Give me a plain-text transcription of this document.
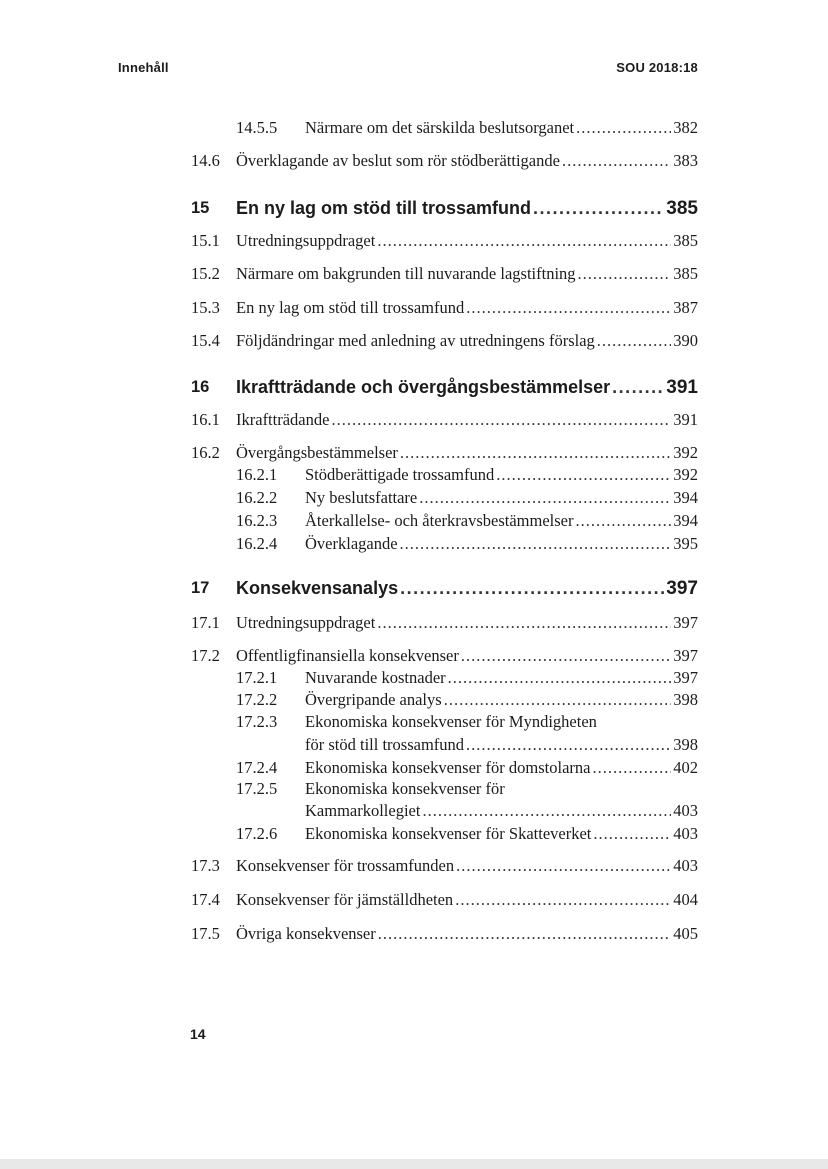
Innehåll	SOU 2018:18
14.5.5 Närmare om det särskilda beslutsorganet .....	382
14.6 Överklagande av beslut som rör stödberättigande .....	383
15 En ny lag om stöd till trossamfund .....	385
15.1 Utredningsuppdraget .....	385
15.2 Närmare om bakgrunden till nuvarande lagstiftning .....	385
15.3 En ny lag om stöd till trossamfund .....	387
15.4 Följdändringar med anledning av utredningens förslag .....	390
16 Ikraftträdande och övergångsbestämmelser .....	391
16.1 Ikraftträdande .....	391
16.2 Övergångsbestämmelser .....	392
16.2.1 Stödberättigade trossamfund .....	392
16.2.2 Ny beslutsfattare .....	394
16.2.3 Återkallelse- och återkravsbestämmelser .....	394
16.2.4 Överklagande .....	395
17 Konsekvensanalys .....	397
17.1 Utredningsuppdraget .....	397
17.2 Offentligfinansiella konsekvenser .....	397
17.2.1 Nuvarande kostnader .....	397
17.2.2 Övergripande analys .....	398
17.2.3 Ekonomiska konsekvenser för Myndigheten
för stöd till trossamfund .....	398
17.2.4 Ekonomiska konsekvenser för domstolarna .....	402
17.2.5 Ekonomiska konsekvenser för
Kammarkollegiet .....	403
17.2.6 Ekonomiska konsekvenser för Skatteverket .....	403
17.3 Konsekvenser för trossamfunden .....	403
17.4 Konsekvenser för jämställdheten .....	404
17.5 Övriga konsekvenser .....	405
14
